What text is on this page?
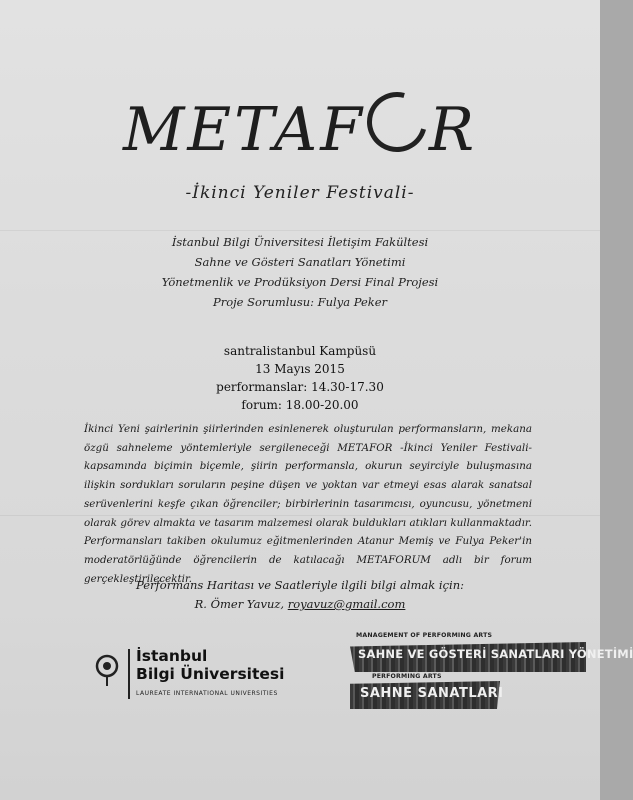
METAF R
-İkinci Yeniler Festivali-
İstanbul Bilgi Üniversitesi İletişim Fakültesi
Sahne ve Gösteri Sanatları Yönetimi
Yönetmenlik ve Prodüksiyon Dersi Final Projesi
Proje Sorumlusu: Fulya Peker
santralistanbul Kampüsü
13 Mayıs 2015
performanslar: 14.30-17.30
forum: 18.00-20.00
İkinci Yeni şairlerinin şiirlerinden esinlenerek oluşturulan performansların, mekana özgü sahneleme yöntemleriyle sergileneceği METAFOR -İkinci Yeniler Festivali- kapsamında biçimin biçemle, şiirin performansla, okurun seyirciyle buluşmasına ilişkin sordukları soruların peşine düşen ve yoktan var etmeyi esas alarak sanatsal serüvenlerini keşfe çıkan öğrenciler; birbirlerinin tasarımcısı, oyuncusu, yönetmeni olarak görev almakta ve tasarım malzemesi olarak buldukları atıkları kullanmaktadır. Performansları takiben okulumuz eğitmenlerinden Atanur Memiş ve Fulya Peker'in moderatörlüğünde öğrencilerin de katılacağı METAFORUM adlı bir forum gerçekleştirilecektir.
Performans Haritası ve Saatleriyle ilgili bilgi almak için:
R. Ömer Yavuz, royavuz@gmail.com
İstanbul
Bilgi Üniversitesi
LAUREATE INTERNATIONAL UNIVERSITIES
MANAGEMENT OF PERFORMING ARTS
SAHNE VE GÖSTERİ SANATLARI YÖNETİMİ
PERFORMING ARTS
SAHNE SANATLARI
